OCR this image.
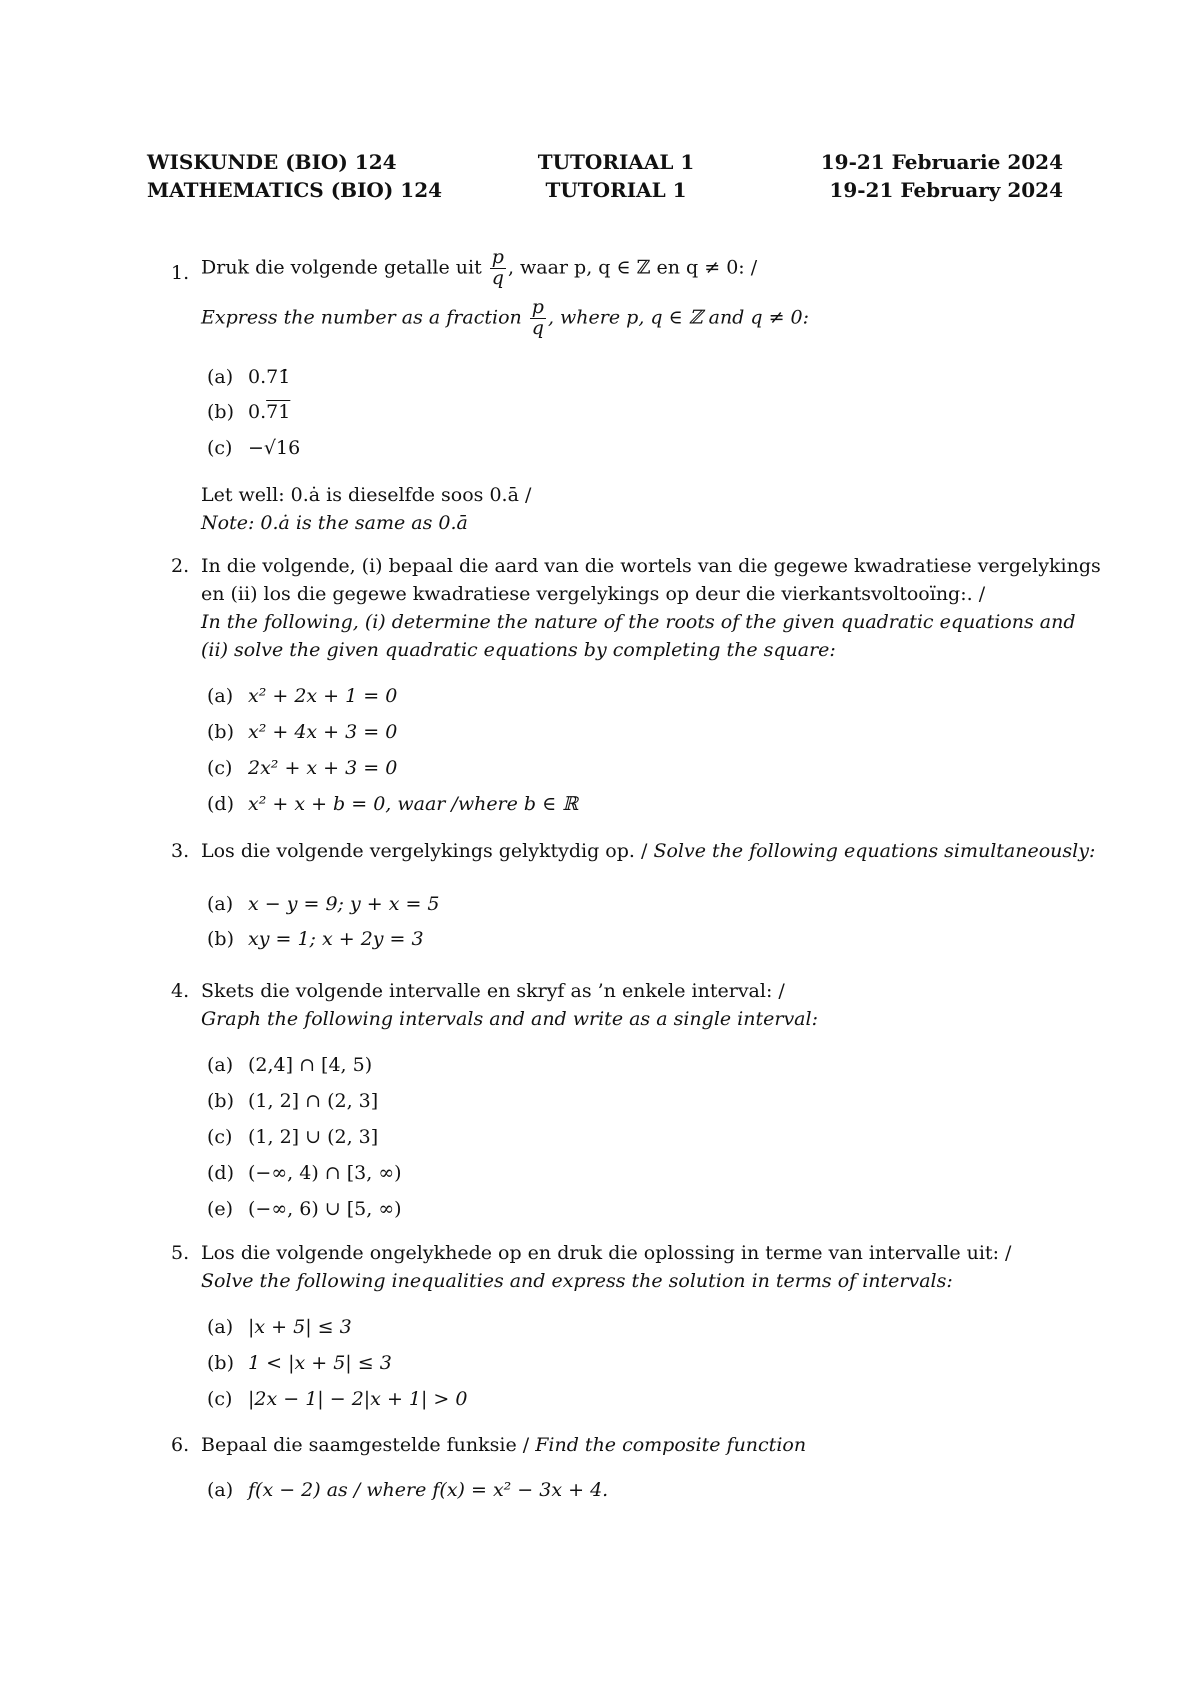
WISKUNDE (BIO) 124	TUTORIAAL 1	19-21 Februarie 2024
MATHEMATICS (BIO) 124	TUTORIAL 1	19-21 February 2024
1. Druk die volgende getalle uit $\frac{p}{q}$ , waar p, q ∈ ℤ en q ≠ 0: /
Express the number as a fraction $\frac{p}{q}$ , where p, q ∈ ℤ and q ≠ 0:
(a) 0.71̇
(b) 0.71
(c) −√16
Let well: 0.ȧ is dieselfde soos 0.ā /
Note: 0.ȧ is the same as 0.ā
2. In die volgende, (i) bepaal die aard van die wortels van die gegewe kwadratiese vergelykings
en (ii) los die gegewe kwadratiese vergelykings op deur die vierkantsvoltooïng:. /
In the following, (i) determine the nature of the roots of the given quadratic equations and
(ii) solve the given quadratic equations by completing the square:
(a) x² + 2x + 1 = 0
(b) x² + 4x + 3 = 0
(c) 2x² + x + 3 = 0
(d) x² + x + b = 0, waar /where b ∈ ℝ
3. Los die volgende vergelykings gelyktydig op. / Solve the following equations simultaneously:
(a) x − y = 9; y + x = 5
(b) xy = 1; x + 2y = 3
4. Skets die volgende intervalle en skryf as ’n enkele interval: /
Graph the following intervals and and write as a single interval:
(a) (2,4] ∩ [4, 5)
(b) (1, 2] ∩ (2, 3]
(c) (1, 2] ∪ (2, 3]
(d) (−∞, 4) ∩ [3, ∞)
(e) (−∞, 6) ∪ [5, ∞)
5. Los die volgende ongelykhede op en druk die oplossing in terme van intervalle uit: /
Solve the following inequalities and express the solution in terms of intervals:
(a) |x + 5| ≤ 3
(b) 1 < |x + 5| ≤ 3
(c) |2x − 1| − 2|x + 1| > 0
6. Bepaal die saamgestelde funksie / Find the composite function
(a) f(x − 2) as / where f(x) = x² − 3x + 4.
